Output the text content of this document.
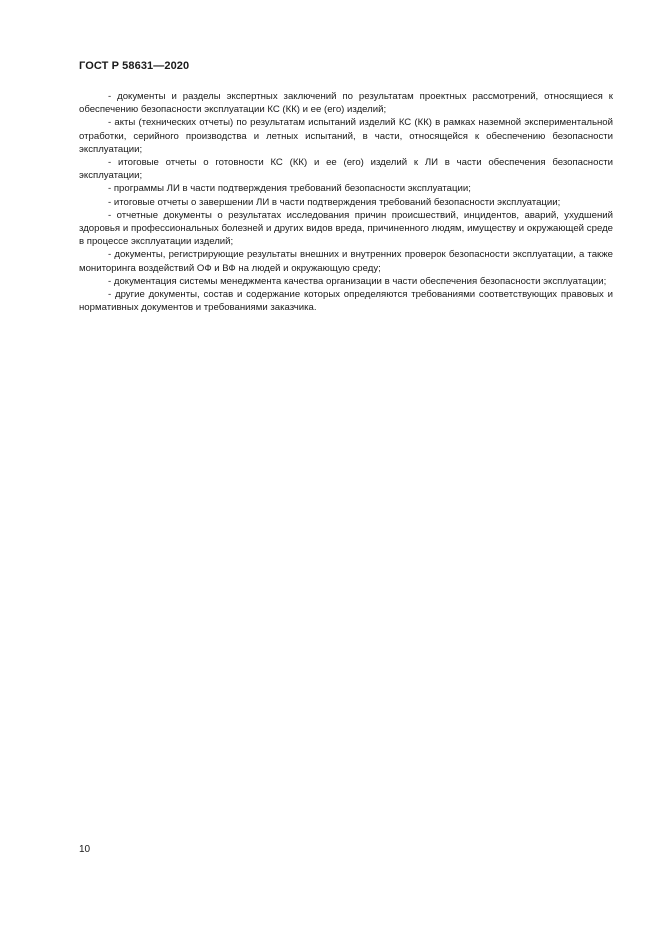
ГОСТ Р 58631—2020

- документы и разделы экспертных заключений по результатам проектных рассмотрений, относящиеся к обеспечению безопасности эксплуатации КС (КК) и ее (его) изделий;

- акты (технических отчеты) по результатам испытаний изделий КС (КК) в рамках наземной экспериментальной отработки, серийного производства и летных испытаний, в части, относящейся к обеспечению безопасности эксплуатации;

- итоговые отчеты о готовности КС (КК) и ее (его) изделий к ЛИ в части обеспечения безопасности эксплуатации;

- программы ЛИ в части подтверждения требований безопасности эксплуатации;

- итоговые отчеты о завершении ЛИ в части подтверждения требований безопасности эксплуатации;

- отчетные документы о результатах исследования причин происшествий, инцидентов, аварий, ухудшений здоровья и профессиональных болезней и других видов вреда, причиненного людям, имуществу и окружающей среде в процессе эксплуатации изделий;

- документы, регистрирующие результаты внешних и внутренних проверок безопасности эксплуатации, а также мониторинга воздействий ОФ и ВФ на людей и окружающую среду;

- документация системы менеджмента качества организации в части обеспечения безопасности эксплуатации;

- другие документы, состав и содержание которых определяются требованиями соответствующих правовых и нормативных документов и требованиями заказчика.

10
